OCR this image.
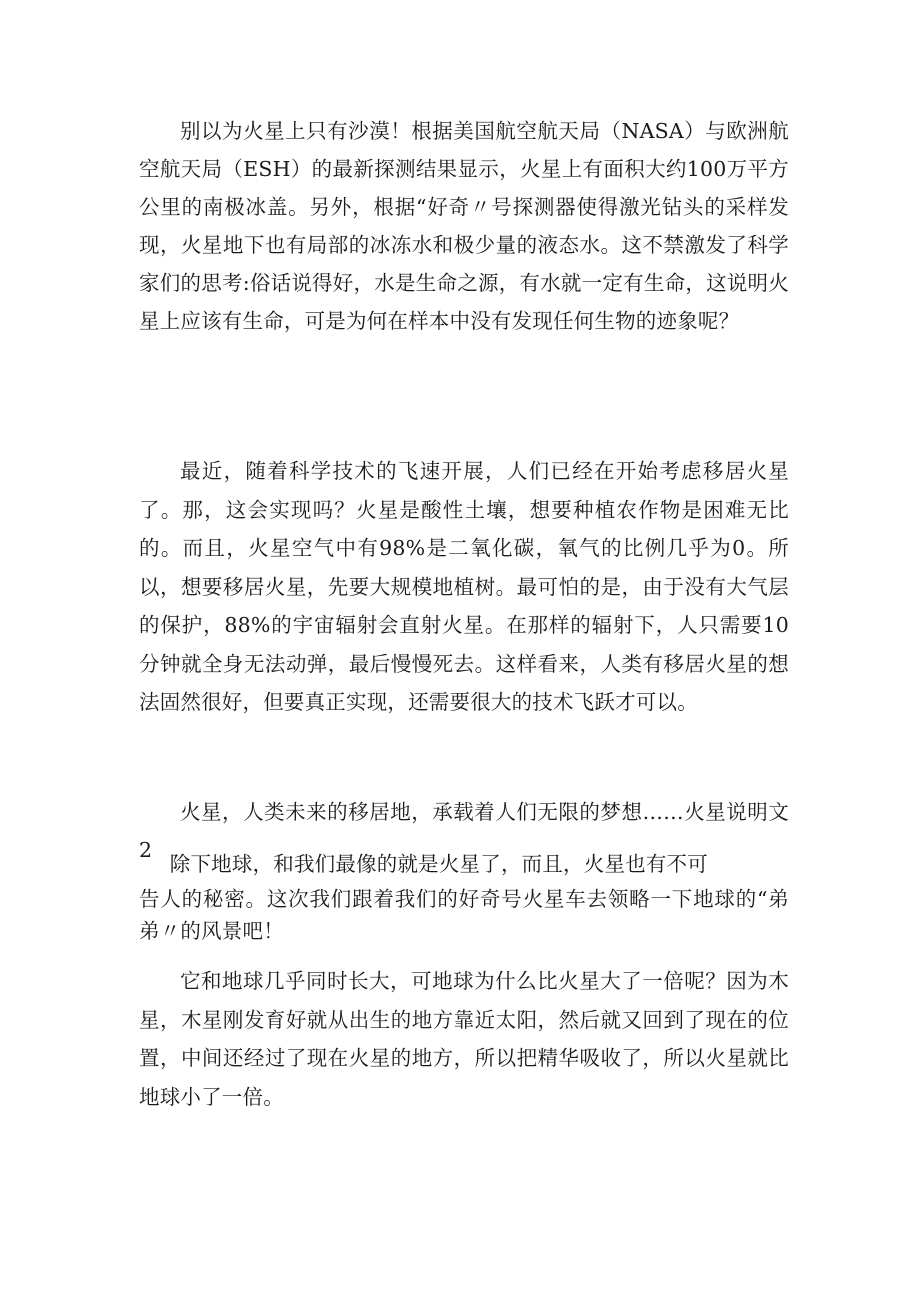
别以为火星上只有沙漠！根据美国航空航天局（NASA）与欧洲航空航天局（ESH）的最新探测结果显示，火星上有面积大约100万平方公里的南极冰盖。另外，根据“好奇〃号探测器使得激光钻头的采样发现，火星地下也有局部的冰冻水和极少量的液态水。这不禁激发了科学家们的思考:俗话说得好，水是生命之源，有水就一定有生命，这说明火星上应该有生命，可是为何在样本中没有发现任何生物的迹象呢？

最近，随着科学技术的飞速开展，人们已经在开始考虑移居火星了。那，这会实现吗？火星是酸性土壤，想要种植农作物是困难无比的。而且，火星空气中有98%是二氧化碳，氧气的比例几乎为0。所以，想要移居火星，先要大规模地植树。最可怕的是，由于没有大气层的保护，88%的宇宙辐射会直射火星。在那样的辐射下，人只需要10分钟就全身无法动弹，最后慢慢死去。这样看来，人类有移居火星的想法固然很好，但要真正实现，还需要很大的技术飞跃才可以。

火星，人类未来的移居地，承载着人们无限的梦想……火星说明文2

除下地球，和我们最像的就是火星了，而且，火星也有不可

告人的秘密。这次我们跟着我们的好奇号火星车去领略一下地球的“弟弟〃的风景吧！

它和地球几乎同时长大，可地球为什么比火星大了一倍呢？因为木星，木星刚发育好就从出生的地方靠近太阳，然后就又回到了现在的位置，中间还经过了现在火星的地方，所以把精华吸收了，所以火星就比地球小了一倍。
